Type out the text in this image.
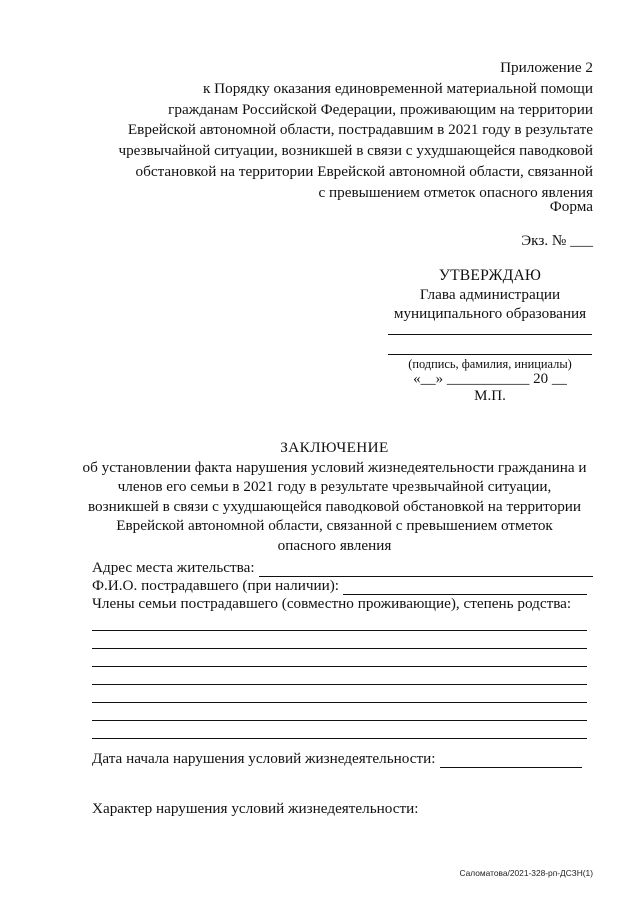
Приложение 2
к Порядку оказания единовременной материальной помощи
гражданам Российской Федерации, проживающим на территории
Еврейской автономной области, пострадавшим в 2021 году в результате
чрезвычайной ситуации, возникшей в связи с ухудшающейся паводковой
обстановкой на территории Еврейской автономной области, связанной
с превышением отметок опасного явления
Форма
Экз. № ___
УТВЕРЖДАЮ
Глава администрации
муниципального образования
(подпись, фамилия, инициалы)
«__» ___________ 20 __
М.П.
ЗАКЛЮЧЕНИЕ
об установлении факта нарушения условий жизнедеятельности гражданина и
членов его семьи в 2021 году в результате чрезвычайной ситуации,
возникшей в связи с ухудшающейся паводковой обстановкой на территории
Еврейской автономной области, связанной с превышением отметок
опасного явления
Адрес места жительства:
Ф.И.О. пострадавшего (при наличии):
Члены семьи пострадавшего (совместно проживающие), степень родства:
Дата начала нарушения условий жизнедеятельности:
Характер нарушения условий жизнедеятельности:
Саломатова/2021-328-рп-ДСЗН(1)
